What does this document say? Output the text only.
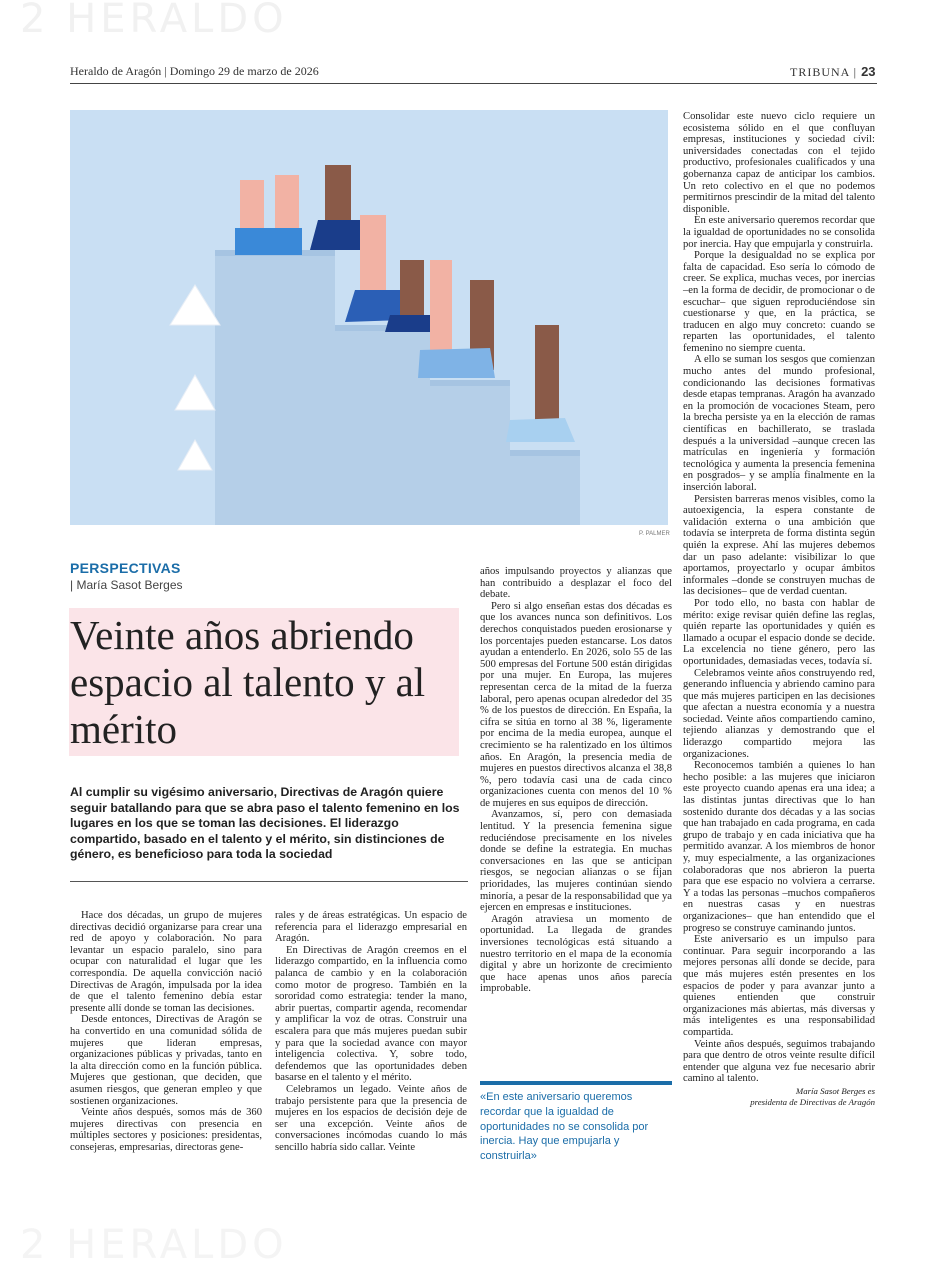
2 HERALDO
Heraldo de Aragón | Domingo 29 de marzo de 2026	TRIBUNA | 23
P. PALMER
PERSPECTIVAS
| María Sasot Berges
Veinte años abriendo espacio al talento y al mérito
Al cumplir su vigésimo aniversario, Directivas de Aragón quiere seguir batallando para que se abra paso el talento femenino en los lugares en los que se toman las decisiones. El liderazgo compartido, basado en el talento y el mérito, sin distinciones de género, es beneficioso para toda la sociedad

Hace dos décadas, un grupo de mujeres directivas decidió organizarse para crear una red de apoyo y colaboración. No para levantar un espacio paralelo, sino para ocupar con naturalidad el lugar que les correspondía. De aquella convicción nació Directivas de Aragón, impulsada por la idea de que el talento femenino debía estar presente allí donde se toman las decisiones.

Desde entonces, Directivas de Aragón se ha convertido en una comunidad sólida de mujeres que lideran empresas, organizaciones públicas y privadas, tanto en la alta dirección como en la función pública. Mujeres que gestionan, que deciden, que asumen riesgos, que generan empleo y que sostienen organizaciones.

Veinte años después, somos más de 360 mujeres directivas con presencia en múltiples sectores y posiciones: presidentas, consejeras, empresarias, directoras gene-

rales y de áreas estratégicas. Un espacio de referencia para el liderazgo empresarial en Aragón.

En Directivas de Aragón creemos en el liderazgo compartido, en la influencia como palanca de cambio y en la colaboración como motor de progreso. También en la sororidad como estrategia: tender la mano, abrir puertas, compartir agenda, recomendar y amplificar la voz de otras. Construir una escalera para que más mujeres puedan subir y para que la sociedad avance con mayor inteligencia colectiva. Y, sobre todo, defendemos que las oportunidades deben basarse en el talento y el mérito.

Celebramos un legado. Veinte años de trabajo persistente para que la presencia de mujeres en los espacios de decisión deje de ser una excepción. Veinte años de conversaciones incómodas cuando lo más sencillo habría sido callar. Veinte

años impulsando proyectos y alianzas que han contribuido a desplazar el foco del debate.

Pero si algo enseñan estas dos décadas es que los avances nunca son definitivos. Los derechos conquistados pueden erosionarse y los porcentajes pueden estancarse. Los datos ayudan a entenderlo. En 2026, solo 55 de las 500 empresas del Fortune 500 están dirigidas por una mujer. En Europa, las mujeres representan cerca de la mitad de la fuerza laboral, pero apenas ocupan alrededor del 35 % de los puestos de dirección. En España, la cifra se sitúa en torno al 38 %, ligeramente por encima de la media europea, aunque el crecimiento se ha ralentizado en los últimos años. En Aragón, la presencia media de mujeres en puestos directivos alcanza el 38,8 %, pero todavía casi una de cada cinco organizaciones cuenta con menos del 10 % de mujeres en sus equipos de dirección.

Avanzamos, sí, pero con demasiada lentitud. Y la presencia femenina sigue reduciéndose precisamente en los niveles donde se define la estrategia. En muchas conversaciones en las que se anticipan riesgos, se negocian alianzas o se fijan prioridades, las mujeres continúan siendo minoría, a pesar de la responsabilidad que ya ejercen en empresas e instituciones.

Aragón atraviesa un momento de oportunidad. La llegada de grandes inversiones tecnológicas está situando a nuestro territorio en el mapa de la economía digital y abre un horizonte de crecimiento que hace apenas unos años parecía improbable.

«En este aniversario queremos recordar que la igualdad de oportunidades no se consolida por inercia. Hay que empujarla y construirla»

Consolidar este nuevo ciclo requiere un ecosistema sólido en el que confluyan empresas, instituciones y sociedad civil: universidades conectadas con el tejido productivo, profesionales cualificados y una gobernanza capaz de anticipar los cambios. Un reto colectivo en el que no podemos permitirnos prescindir de la mitad del talento disponible.

En este aniversario queremos recordar que la igualdad de oportunidades no se consolida por inercia. Hay que empujarla y construirla.

Porque la desigualdad no se explica por falta de capacidad. Eso sería lo cómodo de creer. Se explica, muchas veces, por inercias –en la forma de decidir, de promocionar o de escuchar– que siguen reproduciéndose sin cuestionarse y que, en la práctica, se traducen en algo muy concreto: cuando se reparten las oportunidades, el talento femenino no siempre cuenta.

A ello se suman los sesgos que comienzan mucho antes del mundo profesional, condicionando las decisiones formativas desde etapas tempranas. Aragón ha avanzado en la promoción de vocaciones Steam, pero la brecha persiste ya en la elección de ramas científicas en bachillerato, se traslada después a la universidad –aunque crecen las matrículas en ingeniería y formación tecnológica y aumenta la presencia femenina en posgrados– y se amplía finalmente en la inserción laboral.

Persisten barreras menos visibles, como la autoexigencia, la espera constante de validación externa o una ambición que todavía se interpreta de forma distinta según quién la exprese. Ahí las mujeres debemos dar un paso adelante: visibilizar lo que aportamos, proyectarlo y ocupar ámbitos informales –donde se construyen muchas de las decisiones– que de verdad cuentan.

Por todo ello, no basta con hablar de mérito: exige revisar quién define las reglas, quién reparte las oportunidades y quién es llamado a ocupar el espacio donde se decide. La excelencia no tiene género, pero las oportunidades, demasiadas veces, todavía sí.

Celebramos veinte años construyendo red, generando influencia y abriendo camino para que más mujeres participen en las decisiones que afectan a nuestra economía y a nuestra sociedad. Veinte años compartiendo camino, tejiendo alianzas y demostrando que el liderazgo compartido mejora las organizaciones.

Reconocemos también a quienes lo han hecho posible: a las mujeres que iniciaron este proyecto cuando apenas era una idea; a las distintas juntas directivas que lo han sostenido durante dos décadas y a las socias que han trabajado en cada programa, en cada grupo de trabajo y en cada iniciativa que ha permitido avanzar. A los miembros de honor y, muy especialmente, a las organizaciones colaboradoras que nos abrieron la puerta para que ese espacio no volviera a cerrarse. Y a todas las personas –muchos compañeros en nuestras casas y en nuestras organizaciones– que han entendido que el progreso se construye caminando juntos.

Este aniversario es un impulso para continuar. Para seguir incorporando a las mejores personas allí donde se decide, para que más mujeres estén presentes en los espacios de poder y para avanzar junto a quienes entienden que construir organizaciones más abiertas, más diversas y más inteligentes es una responsabilidad compartida.

Veinte años después, seguimos trabajando para que dentro de otros veinte resulte difícil entender que alguna vez fue necesario abrir camino al talento.

María Sasot Berges es
presidenta de Directivas de Aragón
2 HERALDO
